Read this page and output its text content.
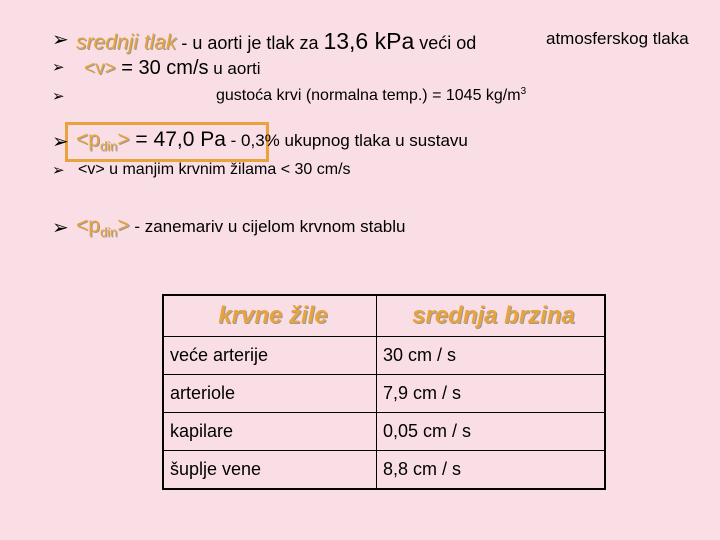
➢ srednji tlak - u aorti je tlak za 13,6 kPa veći od	atmosferskog tlaka
➢ <v> = 30 cm/s u aorti
➢	gustoća krvi (normalna temp.) = 1045 $kg/m^3$
➢ $<p_{din}> = 47,0$ Pa - 0,3% ukupnog tlaka u sustavu
➢ <v> u manjim krvnim žilama < 30 cm/s
➢ $<p_{din}>$ - zanemariv u cijelom krvnom stablu
krvne žile	srednja brzina
veće arterije	30 cm / s
arteriole	7,9 cm / s
kapilare	0,05 cm / s
šuplje vene	8,8 cm / s
